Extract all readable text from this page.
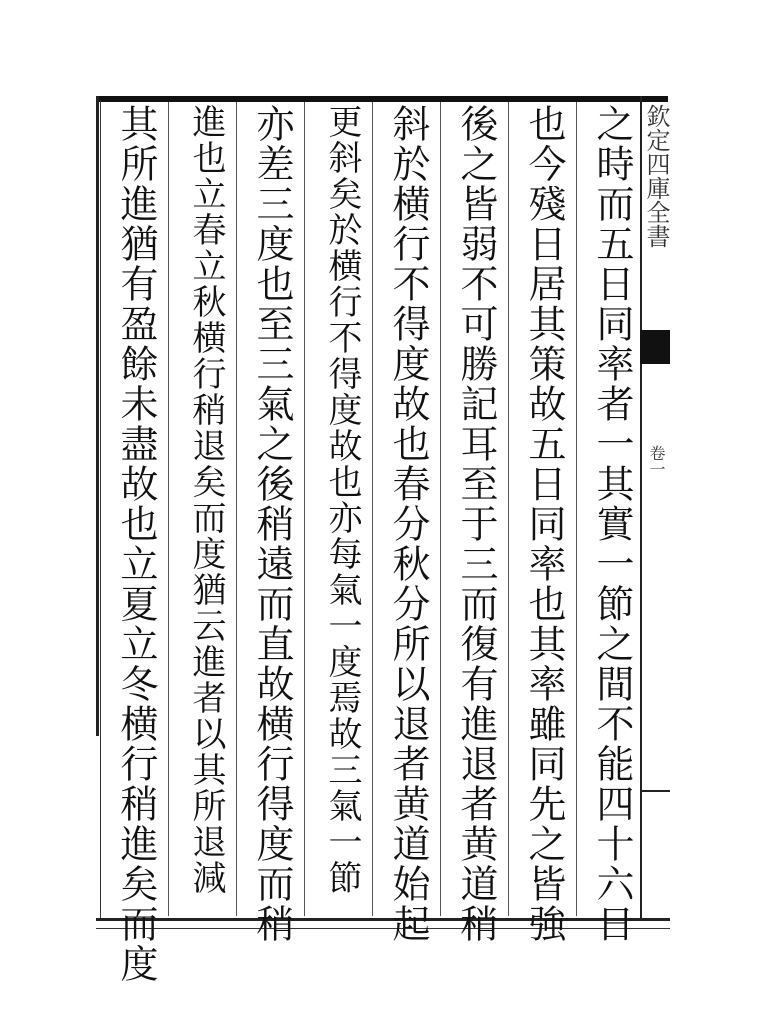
之時而五日同率者一其實一節之間不能四十六日
也今殘日居其策故五日同率也其率雖同先之皆強
後之皆弱不可勝記耳至于三而復有進退者黄道稍
斜於横行不得度故也春分秋分所以退者黄道始起
更斜矣於横行不得度故也亦每氣一度焉故三氣一節
亦差三度也至三氣之後稍遠而直故横行得度而稍
進也立春立秋横行稍退矣而度猶云進者以其所退減
其所進猶有盈餘未盡故也立夏立冬横行稍進矣而度	欽定四庫全書
卷一
